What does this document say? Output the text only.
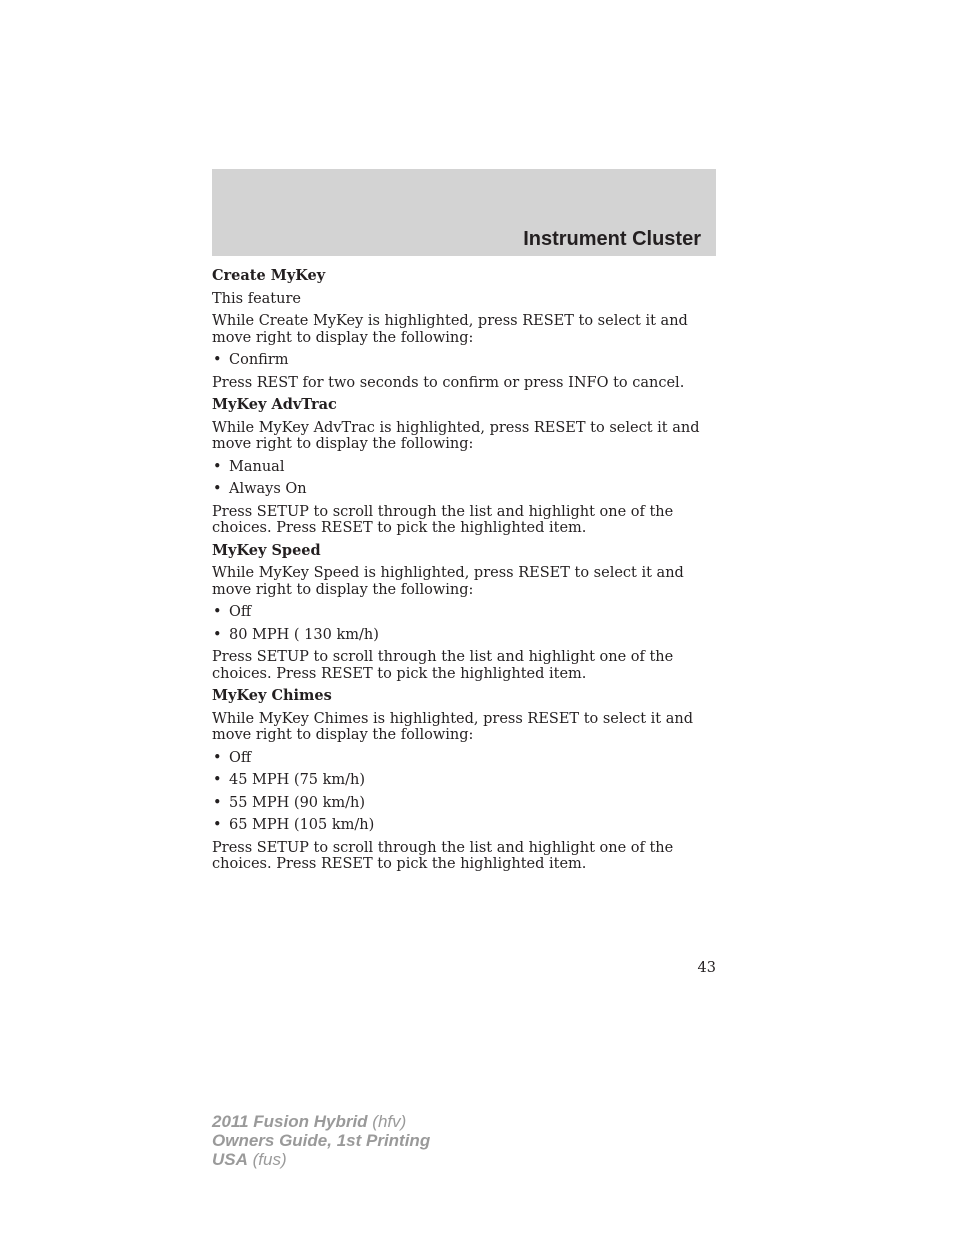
Instrument Cluster
Create MyKey

This feature

While Create MyKey is highlighted, press RESET to select it and move right to display the following:

• Confirm

Press REST for two seconds to confirm or press INFO to cancel.

MyKey AdvTrac

While MyKey AdvTrac is highlighted, press RESET to select it and move right to display the following:

• Manual
• Always On

Press SETUP to scroll through the list and highlight one of the choices. Press RESET to pick the highlighted item.

MyKey Speed

While MyKey Speed is highlighted, press RESET to select it and move right to display the following:

• Off
• 80 MPH ( 130 km/h)

Press SETUP to scroll through the list and highlight one of the choices. Press RESET to pick the highlighted item.

MyKey Chimes

While MyKey Chimes is highlighted, press RESET to select it and move right to display the following:

• Off
• 45 MPH (75 km/h)
• 55 MPH (90 km/h)
• 65 MPH (105 km/h)

Press SETUP to scroll through the list and highlight one of the choices. Press RESET to pick the highlighted item.

43
2011 Fusion Hybrid (hfv)
Owners Guide, 1st Printing
USA (fus)
